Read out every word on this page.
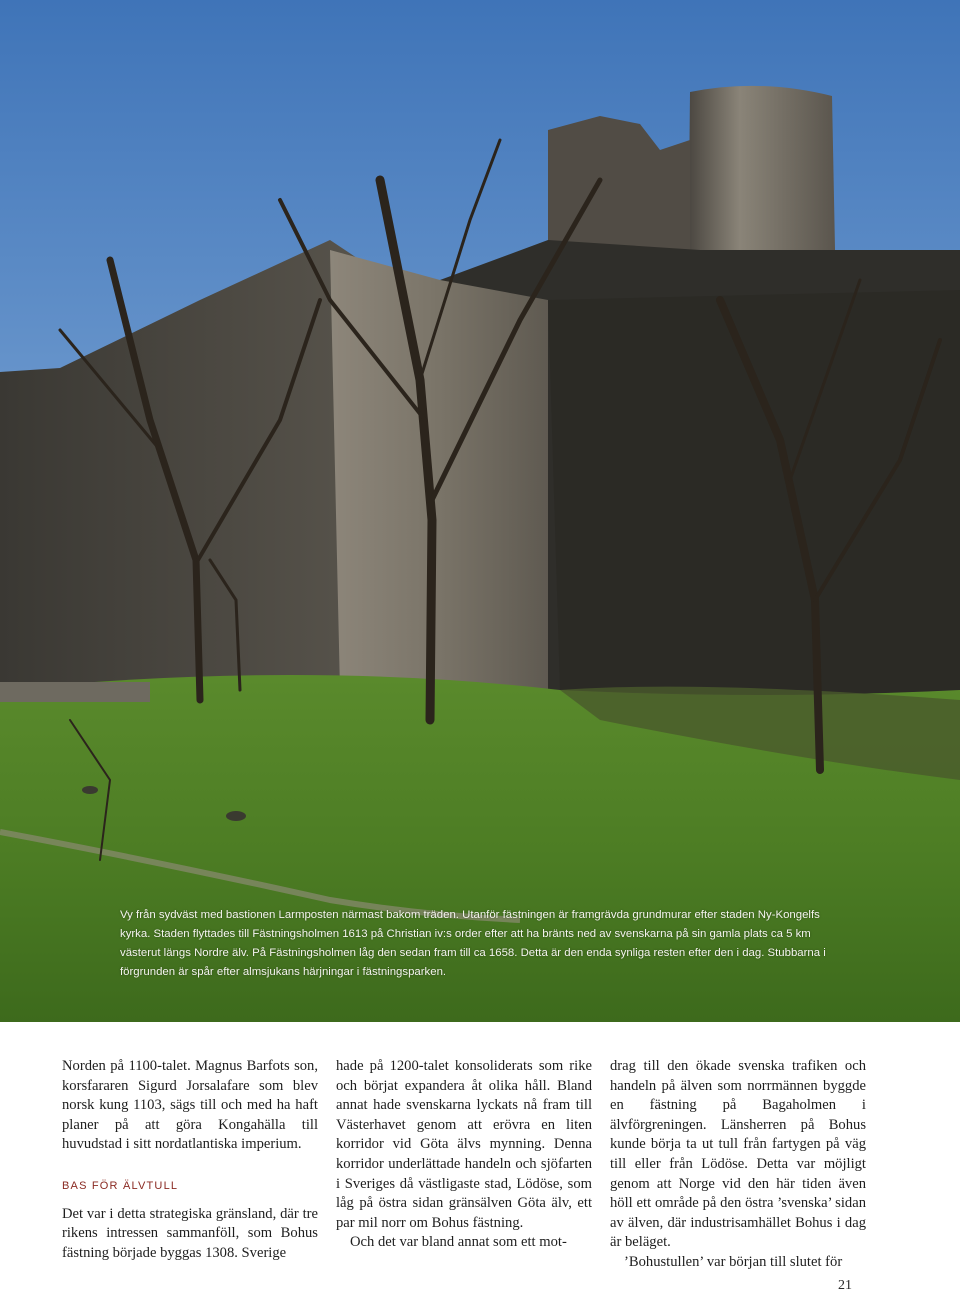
Vy från sydväst med bastionen Larmposten närmast bakom träden. Utanför fästningen är framgrävda grundmurar efter staden Ny-Kongelfs kyrka. Staden flyttades till Fästningsholmen 1613 på Christian iv:s order efter att ha bränts ned av svenskarna på sin gamla plats ca 5 km västerut längs Nordre älv. På Fästningsholmen låg den sedan fram till ca 1658. Detta är den enda synliga resten efter den i dag. Stubbarna i förgrunden är spår efter almsjukans härjningar i fästningsparken.

Norden på 1100-talet. Magnus Barfots son, korsfararen Sigurd Jorsalafare som blev norsk kung 1103, sägs till och med ha haft planer på att göra Kongahälla till huvudstad i sitt nordatlantiska imperium.

BAS FÖR ÄLVTULL

Det var i detta strategiska gränsland, där tre rikens intressen sammanföll, som Bohus fästning började byggas 1308. Sverige

hade på 1200-talet konsoliderats som rike och börjat expandera åt olika håll. Bland annat hade svenskarna lyckats nå fram till Västerhavet genom att erövra en liten korridor vid Göta älvs mynning. Denna korridor underlättade handeln och sjöfarten i Sveriges då västligaste stad, Lödöse, som låg på östra sidan gränsälven Göta älv, ett par mil norr om Bohus fästning.

Och det var bland annat som ett mot-

drag till den ökade svenska trafiken och handeln på älven som norrmännen byggde en fästning på Bagaholmen i älvförgreningen. Länsherren på Bohus kunde börja ta ut tull från fartygen på väg till eller från Lödöse. Detta var möjligt genom att Norge vid den här tiden även höll ett område på den östra ’svenska’ sidan av älven, där industrisamhället Bohus i dag är beläget.

’Bohustullen’ var början till slutet för

21
